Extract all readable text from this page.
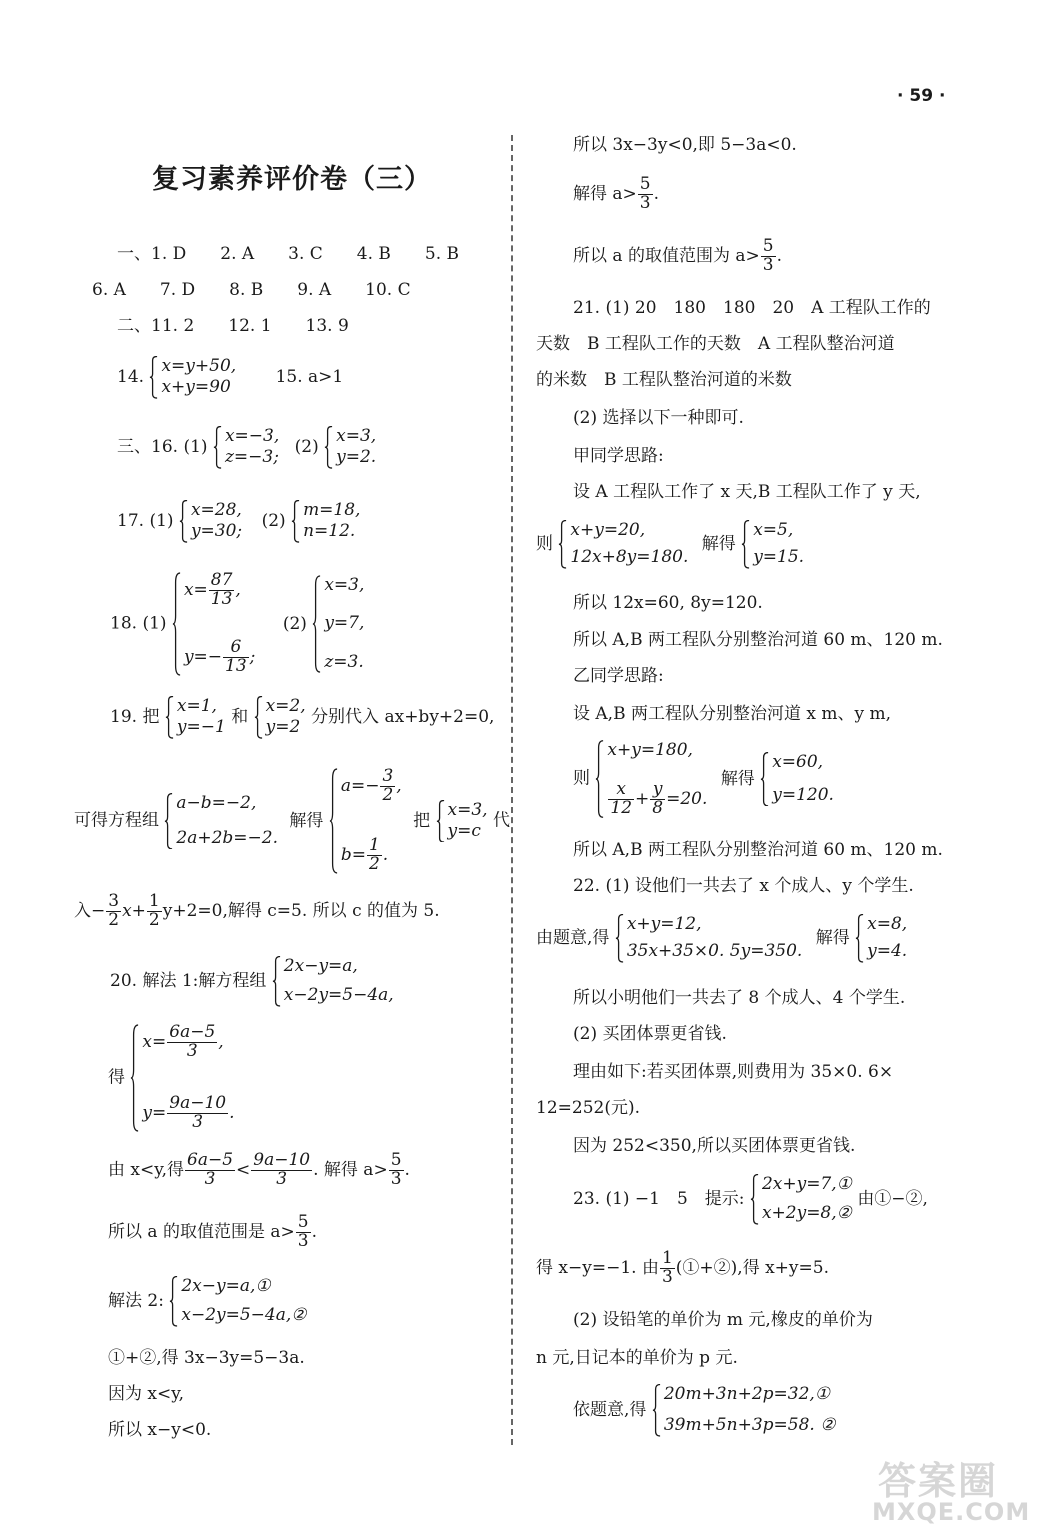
· 59 ·
复习素养评价卷（三）
一、1. D　　2. A　　3. C　　4. B　　5. B
6. A　　7. D　　8. B　　9. A　　10. C
二、11. 2　　12. 1　　13. 9
14.
x=y+50,
x+y=90
15. a>1
三、16. (1)
x=−3,
z=−3;
(2)
x=3,
y=2.
17. (1)
x=28,
y=30;
(2)
m=18,
n=12.
18. (1)
$x= \frac{87}{13}$ ,
$y=- \frac{6}{13}$ ;
(2)
x=3,
y=7,
z=3.
19. 把
x=1,
y=−1
和
x=2,
y=2
分别代入 ax+by+2=0,
可得方程组
a−b=−2,
2a+2b=−2.
解得
$a=- \frac{3}{2}$ ,
$b= \frac{1}{2}$ .
把
x=3,
y=c
代
入− $\frac{3}{2} x+ \frac{1}{2} y+2=0$,解得 c=5. 所以 c 的值为 5.
20. 解法 1:解方程组
2x−y=a,
x−2y=5−4a,
得
$x= \frac{6a-5}{3}$ ,
$y= \frac{9a-10}{3}$ .
由 x<y,得 $\frac{6a-5}{3} < \frac{9a-10}{3}$ . 解得 $a> \frac{5}{3}$ .
所以 a 的取值范围是 $a> \frac{5}{3}$ .
解法 2:
2x−y=a,①
x−2y=5−4a,②
①+②,得 3x−3y=5−3a.
因为 x<y,
所以 x−y<0.
所以 3x−3y<0,即 5−3a<0.
解得 $a> \frac{5}{3}$ .
所以 a 的取值范围为 $a> \frac{5}{3}$ .
21. (1) 20　180　180　20　A 工程队工作的
天数　B 工程队工作的天数　A 工程队整治河道
的米数　B 工程队整治河道的米数
(2) 选择以下一种即可.
甲同学思路:
设 A 工程队工作了 x 天,B 工程队工作了 y 天,
则
x+y=20,
12x+8y=180.
解得
x=5,
y=15.
所以 12x=60, 8y=120.
所以 A,B 两工程队分别整治河道 60 m、120 m.
乙同学思路:
设 A,B 两工程队分别整治河道 x m、y m,
则
x+y=180,
$\frac{x}{12} + \frac{y}{8} =20$.
解得
x=60,
y=120.
所以 A,B 两工程队分别整治河道 60 m、120 m.
22. (1) 设他们一共去了 x 个成人、y 个学生.
由题意,得
x+y=12,
35x+35×0. 5y=350.
解得
x=8,
y=4.
所以小明他们一共去了 8 个成人、4 个学生.
(2) 买团体票更省钱.
理由如下:若买团体票,则费用为 35×0. 6×
12=252(元).
因为 252<350,所以买团体票更省钱.
23. (1) −1　5　提示:
2x+y=7,①
x+2y=8,②
由①−②,
得 x−y=−1. 由 $\frac{1}{3}$ (①+②),得 x+y=5.
(2) 设铅笔的单价为 m 元,橡皮的单价为
n 元,日记本的单价为 p 元.
依题意,得
20m+3n+2p=32,①
39m+5n+3p=58. ②
答案圈
MXQE.COM
